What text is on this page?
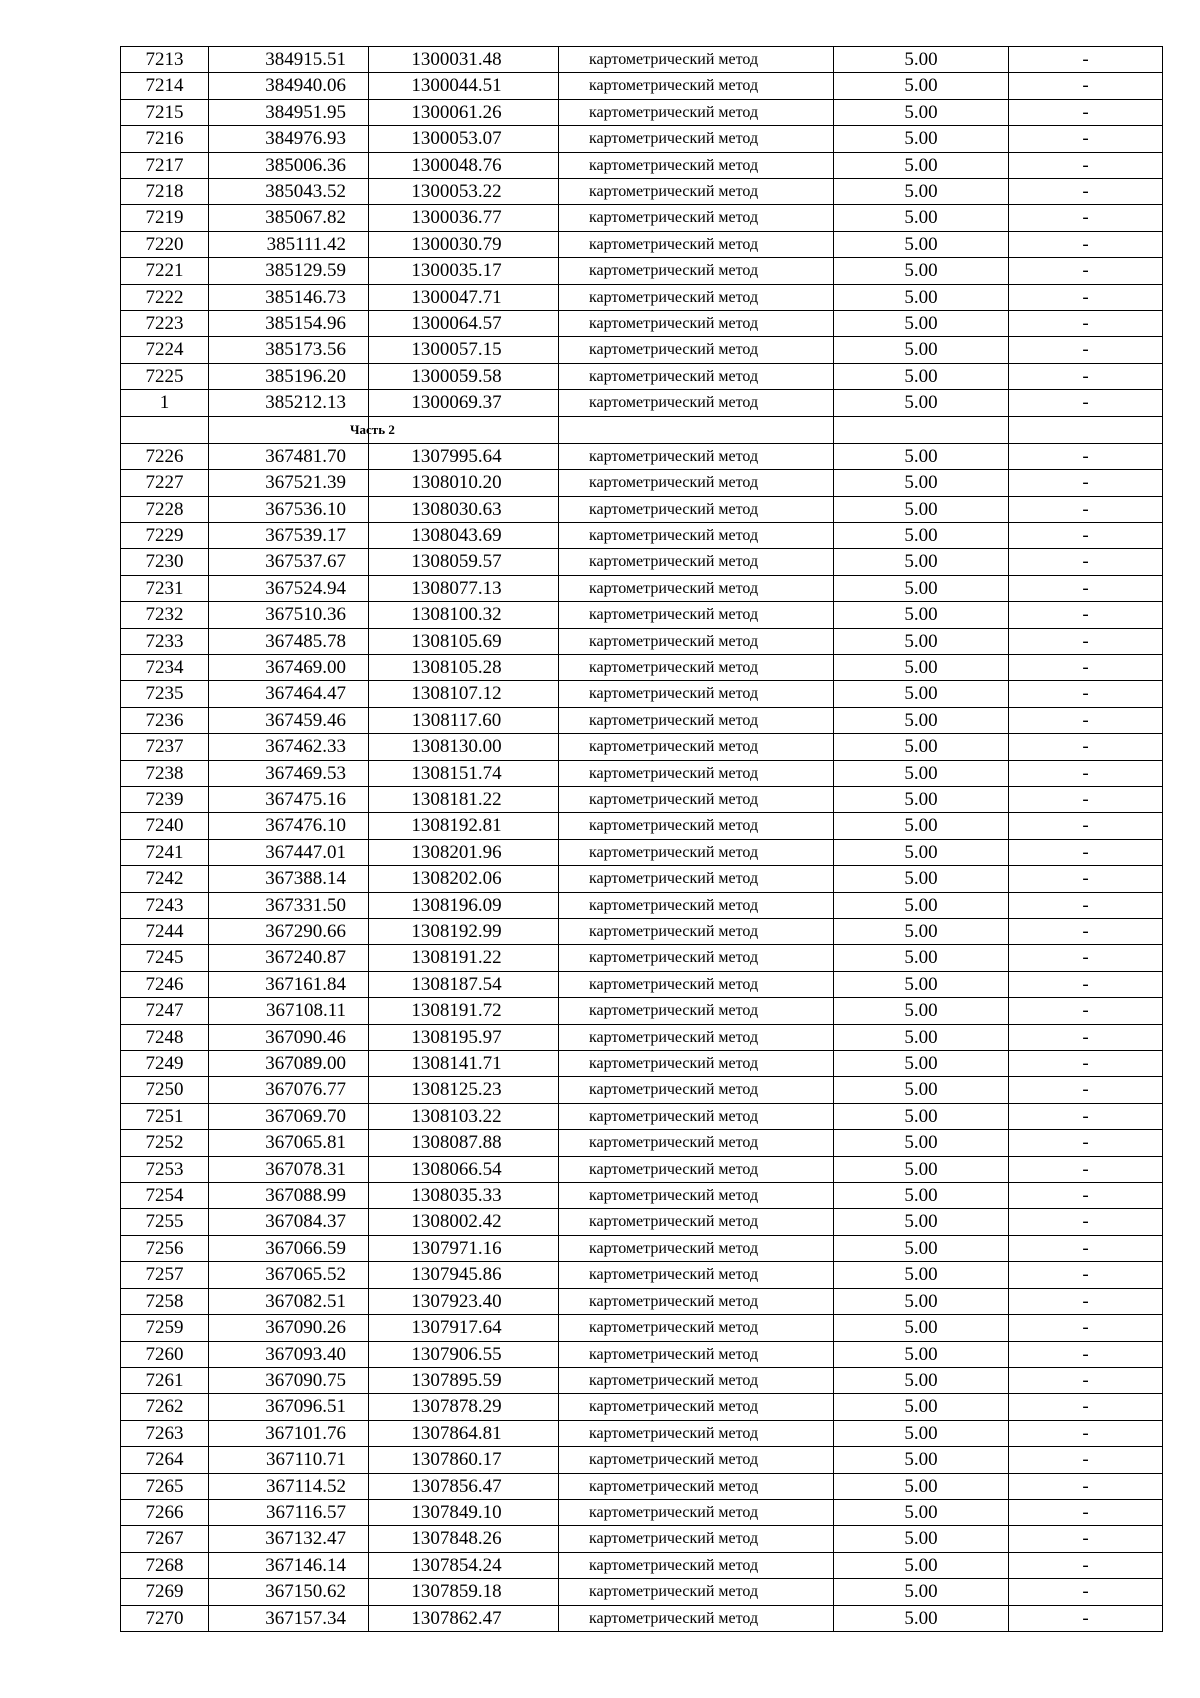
7213	384915.51	1300031.48	картометрический метод	5.00	-
7214	384940.06	1300044.51	картометрический метод	5.00	-
7215	384951.95	1300061.26	картометрический метод	5.00	-
7216	384976.93	1300053.07	картометрический метод	5.00	-
7217	385006.36	1300048.76	картометрический метод	5.00	-
7218	385043.52	1300053.22	картометрический метод	5.00	-
7219	385067.82	1300036.77	картометрический метод	5.00	-
7220	385111.42	1300030.79	картометрический метод	5.00	-
7221	385129.59	1300035.17	картометрический метод	5.00	-
7222	385146.73	1300047.71	картометрический метод	5.00	-
7223	385154.96	1300064.57	картометрический метод	5.00	-
7224	385173.56	1300057.15	картометрический метод	5.00	-
7225	385196.20	1300059.58	картометрический метод	5.00	-
1	385212.13	1300069.37	картометрический метод	5.00	-
	Часть 2				
7226	367481.70	1307995.64	картометрический метод	5.00	-
7227	367521.39	1308010.20	картометрический метод	5.00	-
7228	367536.10	1308030.63	картометрический метод	5.00	-
7229	367539.17	1308043.69	картометрический метод	5.00	-
7230	367537.67	1308059.57	картометрический метод	5.00	-
7231	367524.94	1308077.13	картометрический метод	5.00	-
7232	367510.36	1308100.32	картометрический метод	5.00	-
7233	367485.78	1308105.69	картометрический метод	5.00	-
7234	367469.00	1308105.28	картометрический метод	5.00	-
7235	367464.47	1308107.12	картометрический метод	5.00	-
7236	367459.46	1308117.60	картометрический метод	5.00	-
7237	367462.33	1308130.00	картометрический метод	5.00	-
7238	367469.53	1308151.74	картометрический метод	5.00	-
7239	367475.16	1308181.22	картометрический метод	5.00	-
7240	367476.10	1308192.81	картометрический метод	5.00	-
7241	367447.01	1308201.96	картометрический метод	5.00	-
7242	367388.14	1308202.06	картометрический метод	5.00	-
7243	367331.50	1308196.09	картометрический метод	5.00	-
7244	367290.66	1308192.99	картометрический метод	5.00	-
7245	367240.87	1308191.22	картометрический метод	5.00	-
7246	367161.84	1308187.54	картометрический метод	5.00	-
7247	367108.11	1308191.72	картометрический метод	5.00	-
7248	367090.46	1308195.97	картометрический метод	5.00	-
7249	367089.00	1308141.71	картометрический метод	5.00	-
7250	367076.77	1308125.23	картометрический метод	5.00	-
7251	367069.70	1308103.22	картометрический метод	5.00	-
7252	367065.81	1308087.88	картометрический метод	5.00	-
7253	367078.31	1308066.54	картометрический метод	5.00	-
7254	367088.99	1308035.33	картометрический метод	5.00	-
7255	367084.37	1308002.42	картометрический метод	5.00	-
7256	367066.59	1307971.16	картометрический метод	5.00	-
7257	367065.52	1307945.86	картометрический метод	5.00	-
7258	367082.51	1307923.40	картометрический метод	5.00	-
7259	367090.26	1307917.64	картометрический метод	5.00	-
7260	367093.40	1307906.55	картометрический метод	5.00	-
7261	367090.75	1307895.59	картометрический метод	5.00	-
7262	367096.51	1307878.29	картометрический метод	5.00	-
7263	367101.76	1307864.81	картометрический метод	5.00	-
7264	367110.71	1307860.17	картометрический метод	5.00	-
7265	367114.52	1307856.47	картометрический метод	5.00	-
7266	367116.57	1307849.10	картометрический метод	5.00	-
7267	367132.47	1307848.26	картометрический метод	5.00	-
7268	367146.14	1307854.24	картометрический метод	5.00	-
7269	367150.62	1307859.18	картометрический метод	5.00	-
7270	367157.34	1307862.47	картометрический метод	5.00	-
